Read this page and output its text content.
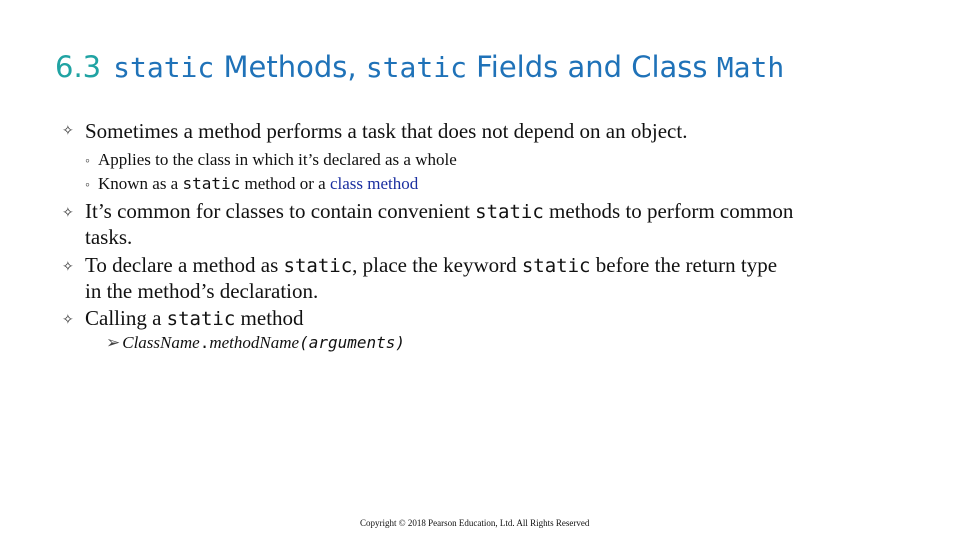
6.3 static Methods, static Fields and Class Math
✧ Sometimes a method performs a task that does not depend on an object.
◦ Applies to the class in which it’s declared as a whole
◦ Known as a static method or a class method
✧ It’s common for classes to contain convenient static methods to perform common
tasks.
✧ To declare a method as static, place the keyword static before the return type
in the method’s declaration.
✧ Calling a static method
➢ ClassName.methodName(arguments)
Copyright © 2018 Pearson Education, Ltd. All Rights Reserved
